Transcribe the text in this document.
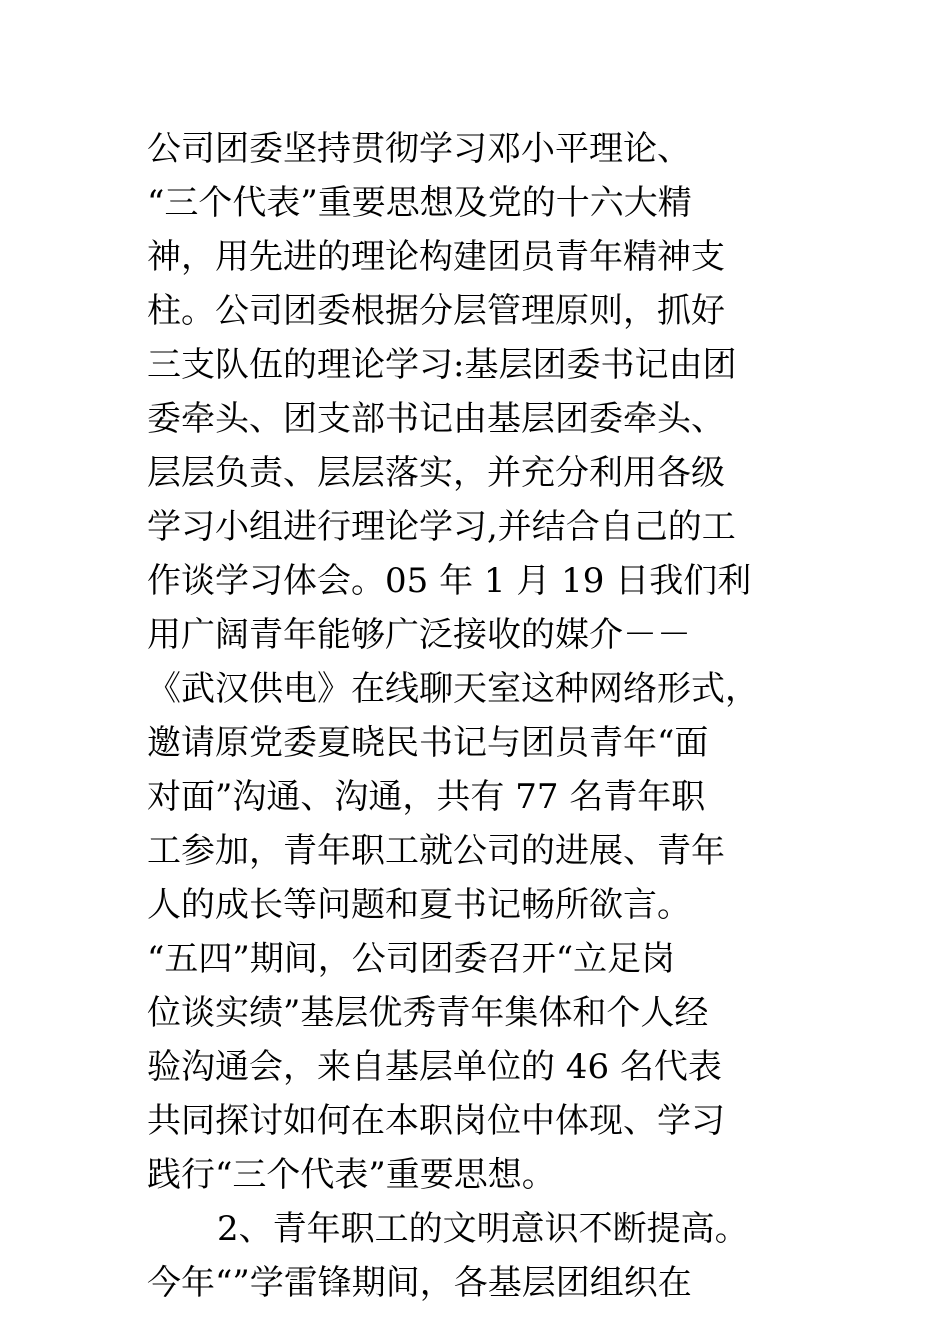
公司团委坚持贯彻学习邓小平理论、
“三个代表”重要思想及党的十六大精
神，用先进的理论构建团员青年精神支
柱。公司团委根据分层管理原则，抓好
三支队伍的理论学习:基层团委书记由团
委牵头、团支部书记由基层团委牵头、
层层负责、层层落实，并充分利用各级
学习小组进行理论学习,并结合自己的工
作谈学习体会。05 年 1 月 19 日我们利
用广阔青年能够广泛接收的媒介－－
《武汉供电》在线聊天室这种网络形式，
邀请原党委夏晓民书记与团员青年“面
对面”沟通、沟通，共有 77 名青年职
工参加，青年职工就公司的进展、青年
人的成长等问题和夏书记畅所欲言。
“五四”期间，公司团委召开“立足岗
位谈实绩”基层优秀青年集体和个人经
验沟通会，来自基层单位的 46 名代表
共同探讨如何在本职岗位中体现、学习
践行“三个代表”重要思想。
2、青年职工的文明意识不断提高。
今年“”学雷锋期间，各基层团组织在
